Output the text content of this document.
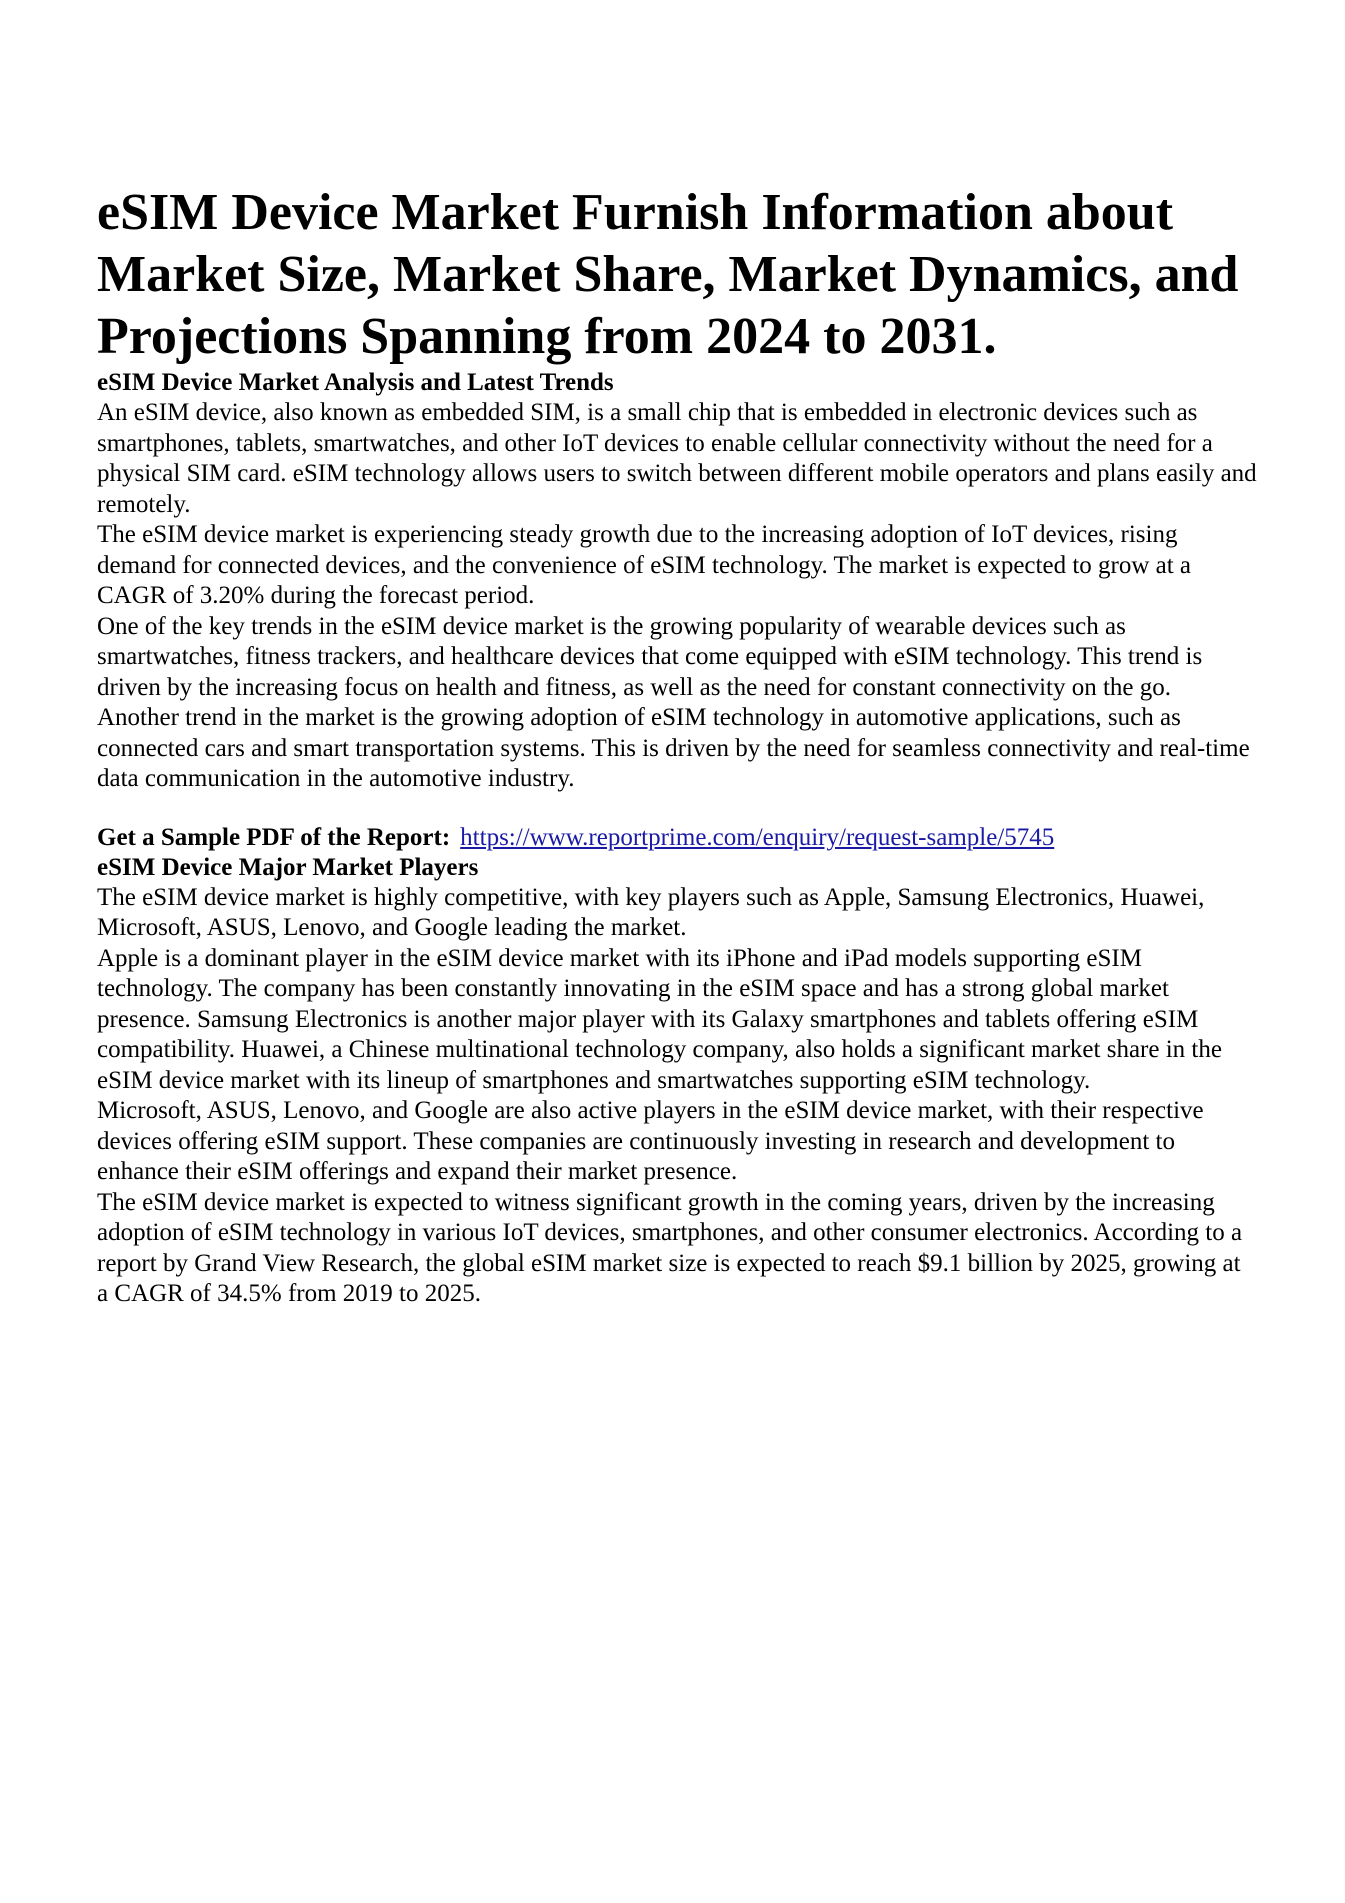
eSIM Device Market Furnish Information about Market Size, Market Share, Market Dynamics, and Projections Spanning from 2024 to 2031.
eSIM Device Market Analysis and Latest Trends

An eSIM device, also known as embedded SIM, is a small chip that is embedded in electronic devices such as smartphones, tablets, smartwatches, and other IoT devices to enable cellular connectivity without the need for a physical SIM card. eSIM technology allows users to switch between different mobile operators and plans easily and remotely.

The eSIM device market is experiencing steady growth due to the increasing adoption of IoT devices, rising demand for connected devices, and the convenience of eSIM technology. The market is expected to grow at a CAGR of 3.20% during the forecast period.

One of the key trends in the eSIM device market is the growing popularity of wearable devices such as smartwatches, fitness trackers, and healthcare devices that come equipped with eSIM technology. This trend is driven by the increasing focus on health and fitness, as well as the need for constant connectivity on the go.

Another trend in the market is the growing adoption of eSIM technology in automotive applications, such as connected cars and smart transportation systems. This is driven by the need for seamless connectivity and real-time data communication in the automotive industry.

Get a Sample PDF of the Report: https://www.reportprime.com/enquiry/request-sample/5745
eSIM Device Major Market Players

The eSIM device market is highly competitive, with key players such as Apple, Samsung Electronics, Huawei, Microsoft, ASUS, Lenovo, and Google leading the market.

Apple is a dominant player in the eSIM device market with its iPhone and iPad models supporting eSIM technology. The company has been constantly innovating in the eSIM space and has a strong global market presence. Samsung Electronics is another major player with its Galaxy smartphones and tablets offering eSIM compatibility. Huawei, a Chinese multinational technology company, also holds a significant market share in the eSIM device market with its lineup of smartphones and smartwatches supporting eSIM technology.

Microsoft, ASUS, Lenovo, and Google are also active players in the eSIM device market, with their respective devices offering eSIM support. These companies are continuously investing in research and development to enhance their eSIM offerings and expand their market presence.

The eSIM device market is expected to witness significant growth in the coming years, driven by the increasing adoption of eSIM technology in various IoT devices, smartphones, and other consumer electronics. According to a report by Grand View Research, the global eSIM market size is expected to reach $9.1 billion by 2025, growing at a CAGR of 34.5% from 2019 to 2025.
